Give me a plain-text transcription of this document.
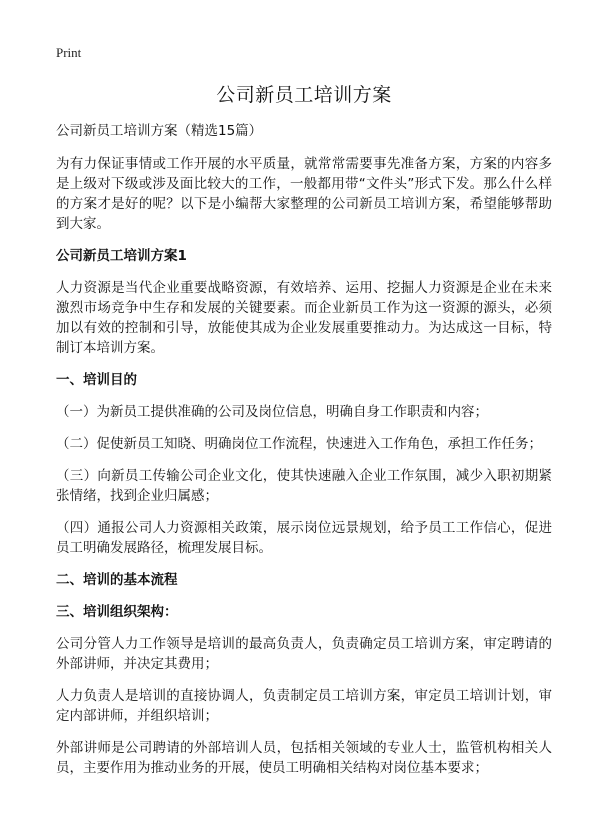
Print
公司新员工培训方案

公司新员工培训方案（精选15篇）

为有力保证事情或工作开展的水平质量，就常常需要事先准备方案，方案的内容多是上级对下级或涉及面比较大的工作，一般都用带“文件头”形式下发。那么什么样的方案才是好的呢？以下是小编帮大家整理的公司新员工培训方案，希望能够帮助到大家。

公司新员工培训方案1

人力资源是当代企业重要战略资源，有效培养、运用、挖掘人力资源是企业在未来激烈市场竞争中生存和发展的关键要素。而企业新员工作为这一资源的源头，必须加以有效的控制和引导，放能使其成为企业发展重要推动力。为达成这一目标，特制订本培训方案。

一、培训目的

（一）为新员工提供准确的公司及岗位信息，明确自身工作职责和内容；

（二）促使新员工知晓、明确岗位工作流程，快速进入工作角色，承担工作任务；

（三）向新员工传输公司企业文化，使其快速融入企业工作氛围，减少入职初期紧张情绪，找到企业归属感；

（四）通报公司人力资源相关政策，展示岗位远景规划，给予员工工作信心，促进员工明确发展路径，梳理发展目标。

二、培训的基本流程

三、培训组织架构：

公司分管人力工作领导是培训的最高负责人，负责确定员工培训方案，审定聘请的外部讲师，并决定其费用；

人力负责人是培训的直接协调人，负责制定员工培训方案，审定员工培训计划，审定内部讲师，并组织培训；

外部讲师是公司聘请的外部培训人员，包括相关领域的专业人士，监管机构相关人员，主要作用为推动业务的开展，使员工明确相关结构对岗位基本要求；
